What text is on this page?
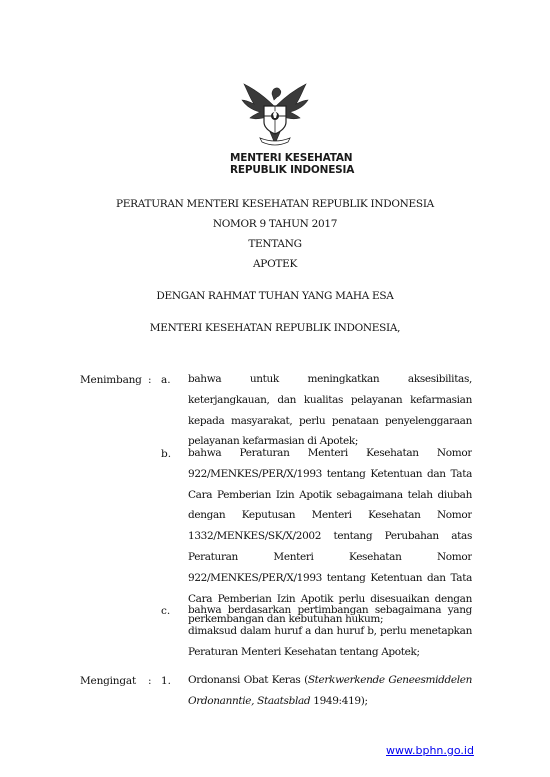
MENTERI KESEHATAN
REPUBLIK INDONESIA
PERATURAN MENTERI KESEHATAN REPUBLIK INDONESIA
NOMOR 9 TAHUN 2017
TENTANG
APOTEK
DENGAN RAHMAT TUHAN YANG MAHA ESA
MENTERI KESEHATAN REPUBLIK INDONESIA,
Menimbang : a. bahwa untuk meningkatkan aksesibilitas,
keterjangkauan, dan kualitas pelayanan kefarmasian
kepada masyarakat, perlu penataan penyelenggaraan
pelayanan kefarmasian di Apotek;
b. bahwa Peraturan Menteri Kesehatan Nomor
922/MENKES/PER/X/1993 tentang Ketentuan dan Tata
Cara Pemberian Izin Apotik sebagaimana telah diubah
dengan Keputusan Menteri Kesehatan Nomor
1332/MENKES/SK/X/2002 tentang Perubahan atas
Peraturan Menteri Kesehatan Nomor
922/MENKES/PER/X/1993 tentang Ketentuan dan Tata
Cara Pemberian Izin Apotik perlu disesuaikan dengan
perkembangan dan kebutuhan hukum;
c. bahwa berdasarkan pertimbangan sebagaimana yang
dimaksud dalam huruf a dan huruf b, perlu menetapkan
Peraturan Menteri Kesehatan tentang Apotek;
Mengingat : 1. Ordonansi Obat Keras (Sterkwerkende Geneesmiddelen
Ordonanntie, Staatsblad 1949:419);
www.bphn.go.id
